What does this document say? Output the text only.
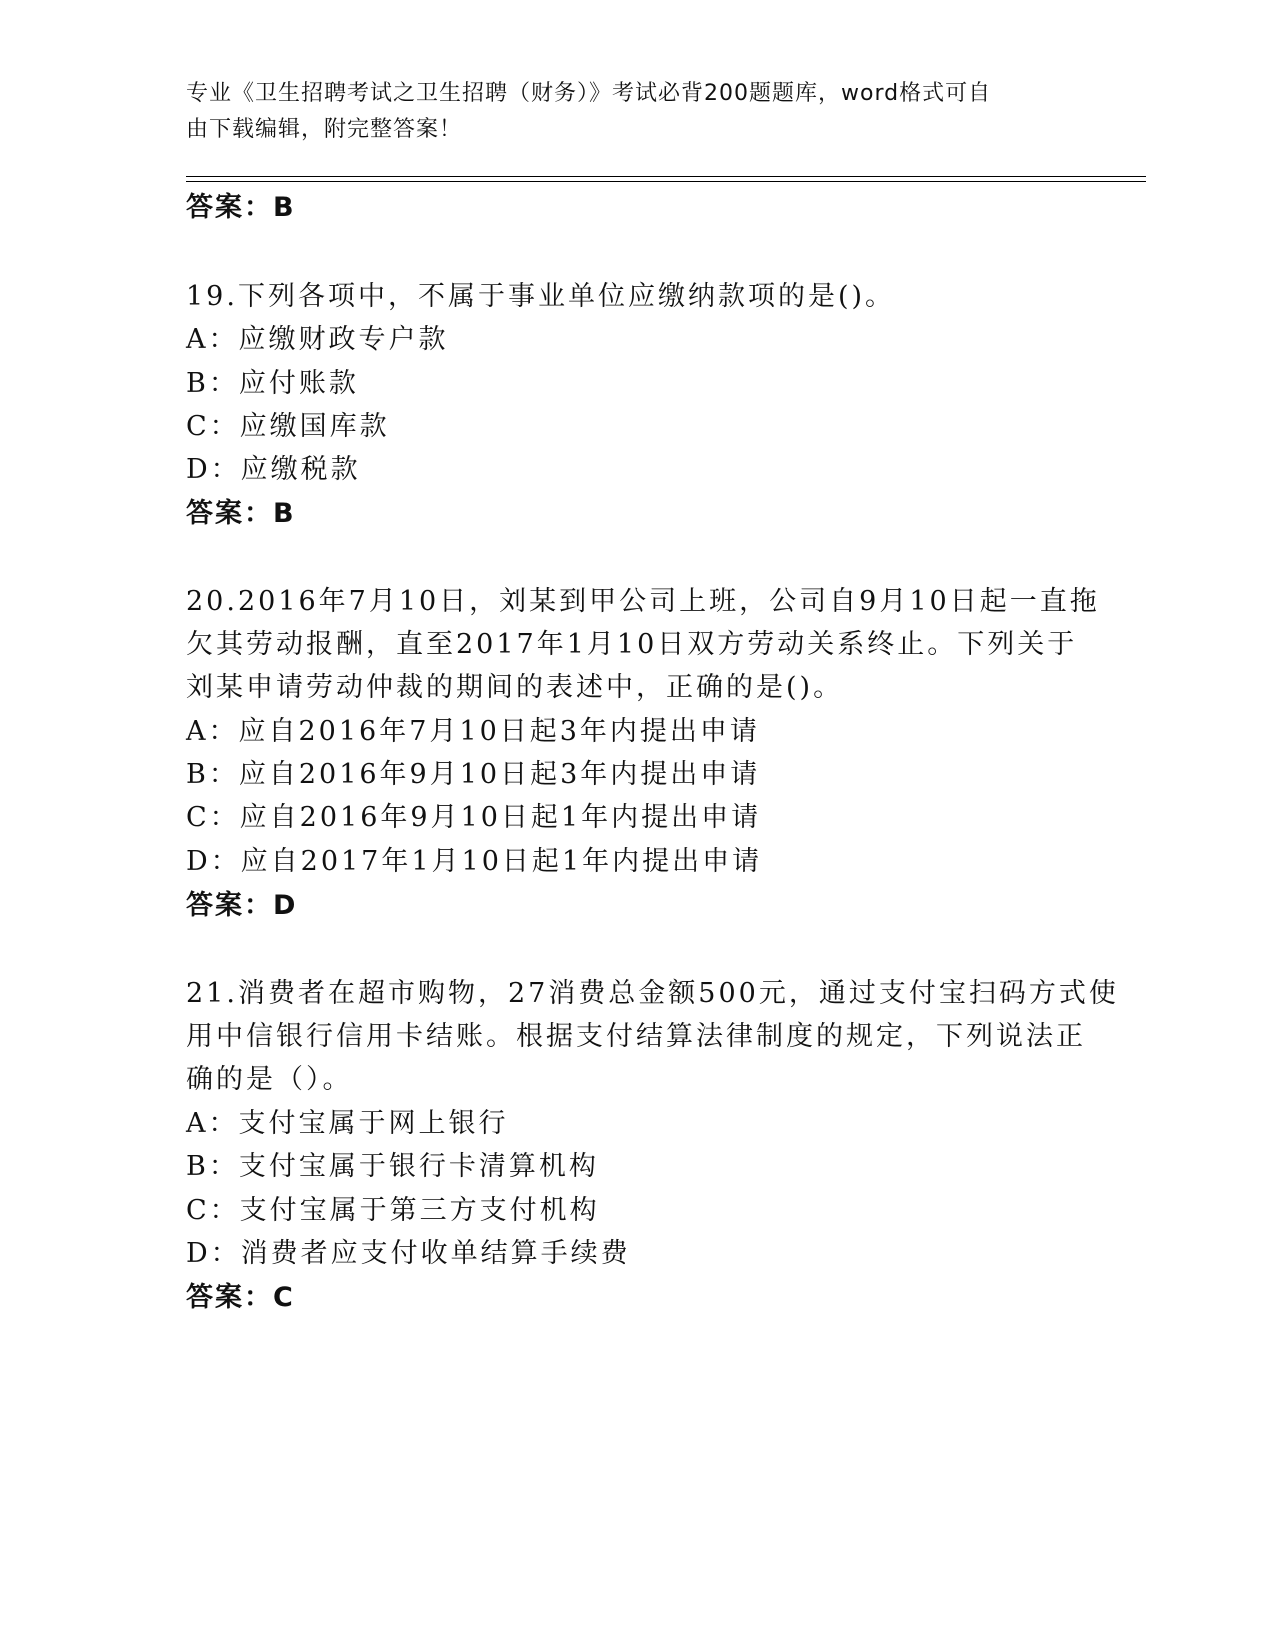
专业《卫生招聘考试之卫生招聘（财务）》考试必背200题题库，word格式可自
由下载编辑，附完整答案！
答案：B
19.下列各项中，不属于事业单位应缴纳款项的是()。
A：应缴财政专户款
B：应付账款
C：应缴国库款
D：应缴税款
答案：B
20.2016年7月10日，刘某到甲公司上班，公司自9月10日起一直拖
欠其劳动报酬，直至2017年1月10日双方劳动关系终止。下列关于
刘某申请劳动仲裁的期间的表述中，正确的是()。
A：应自2016年7月10日起3年内提出申请
B：应自2016年9月10日起3年内提出申请
C：应自2016年9月10日起1年内提出申请
D：应自2017年1月10日起1年内提出申请
答案：D
21.消费者在超市购物，27消费总金额500元，通过支付宝扫码方式使
用中信银行信用卡结账。根据支付结算法律制度的规定，下列说法正
确的是（）。
A：支付宝属于网上银行
B：支付宝属于银行卡清算机构
C：支付宝属于第三方支付机构
D：消费者应支付收单结算手续费
答案：C
